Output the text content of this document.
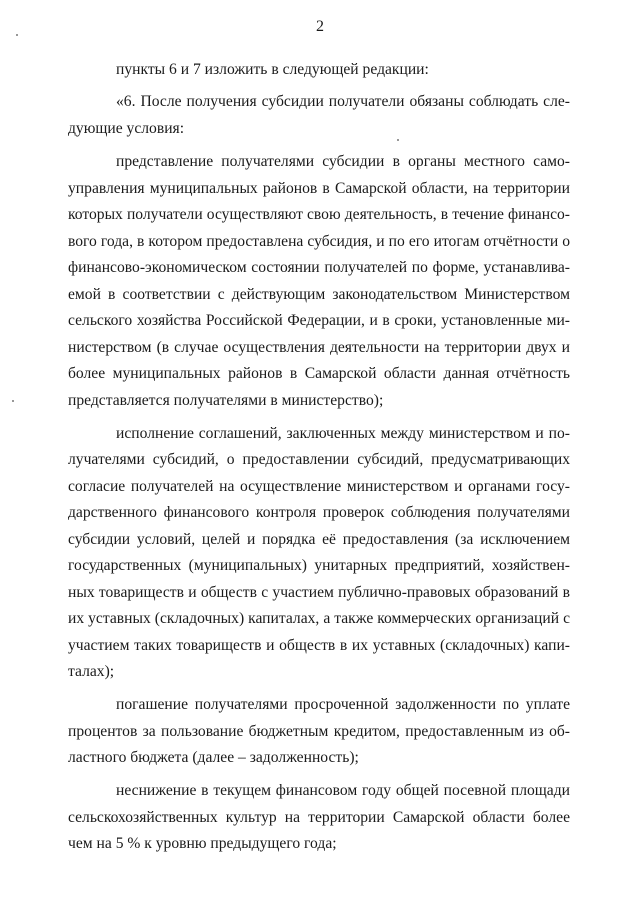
2
пункты 6 и 7 изложить в следующей редакции:
«6. После получения субсидии получатели обязаны соблюдать сле-
дующие условия:
представление получателями субсидии в органы местного само-
управления муниципальных районов в Самарской области, на территории
которых получатели осуществляют свою деятельность, в течение финансо-
вого года, в котором предоставлена субсидия, и по его итогам отчётности о
финансово-экономическом состоянии получателей по форме, устанавлива-
емой в соответствии с действующим законодательством Министерством
сельского хозяйства Российской Федерации, и в сроки, установленные ми-
нистерством (в случае осуществления деятельности на территории двух и
более муниципальных районов в Самарской области данная отчётность
представляется получателями в министерство);
исполнение соглашений, заключенных между министерством и по-
лучателями субсидий, о предоставлении субсидий, предусматривающих
согласие получателей на осуществление министерством и органами госу-
дарственного финансового контроля проверок соблюдения получателями
субсидии условий, целей и порядка её предоставления (за исключением
государственных (муниципальных) унитарных предприятий, хозяйствен-
ных товариществ и обществ с участием публично-правовых образований в
их уставных (складочных) капиталах, а также коммерческих организаций с
участием таких товариществ и обществ в их уставных (складочных) капи-
талах);
погашение получателями просроченной задолженности по уплате
процентов за пользование бюджетным кредитом, предоставленным из об-
ластного бюджета (далее – задолженность);
неснижение в текущем финансовом году общей посевной площади
сельскохозяйственных культур на территории Самарской области более
чем на 5 % к уровню предыдущего года;
